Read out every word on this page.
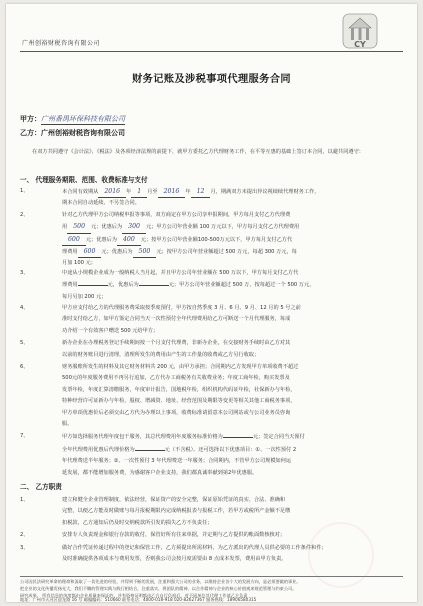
广州创裕财税咨询有限公司	CY
财务记账及涉税事项代理服务合同
甲方：广州番禺环保科技有限公司
乙方：广州创裕财税咨询有限公司
在双方共同遵守《会计法》、《税法》及各项经济法规的前提下，就甲方委托乙方代理财务工作，在平等互惠的基础上签订本合同，以避共同遵守：
一、 代理服务期限、范围、收费标准与支付
1、	本合同有效期从 2016 年 1 月至 2016 年 12 月，期满双方未提出异议视续续代理财务工作，
期本合同自动延续、不另签合同。
2、	针对乙方代理甲方公司纳税申报等事项，双方商定在甲方公司享申报期间，甲方每月支付乙方代理费
用 500 元；优惠后为 300 元；甲方公司年营业额 100 万元以下，甲方每月支付乙方代理费用
600 元；优惠后为 400 元；按甲方公司年营业额100-500万元以下，甲方每月支付乙方代
理费用 600 元；优惠后为 500 元；按甲方公司年营业额超过 500 万元，每超 300 万元，每
月加 100 元；
3、	中途从小规模企业成为一般纳税人当月起，并且甲方公司年营业额在 500 万以下，甲方每月支付乙方代
理费用	元，优惠后为	元；甲方公司年营业额超过 500 万，按每超过一个 500 万元，
每月另加 200 元；
4、	甲方应支付给乙方的代理服务费采取按季度预付，甲方按自然季度 3 月、6 月、9 月、12 月的 5 号之前
准时支付给乙方，如甲方鉴定合同当天一次性预付全年代理费用给乙方可断送一个月代理服务，每成
功介绍一个有效客户赠送 500 元给甲方；
5、	新办企业在办理税务登记手续期间按一个月支付代理费，非新办企业，在交接财务手续时由乙方对其
以前的财务账目进行清理，清理所发生的费用由产生的工作量的收费或乙方另行收取；
6、	财务服账所发生的材料及其它财务材料共 200 元，由甲方承担；合同期内乙方发现甲方单项收费不超过
500元的年度服务费用不再另行追加，乙方代办工商税务有关收费业务；年度工商年检，购买发票及
发票年检，年度汇算清缴服务，年度审计报告，国地税年检，组织机构代码证年检，社保新办与年检，
特种经营许可证新办与年检，股权、增减资、地址、经营范围及期限等变更等相关其他工商税务事项，
甲方单项优惠价后必须交由乙方代为办理以上事项，收费标准请留意本公司网站或与公司业务员咨询
服。
7、	甲方如选择服务代理年度包干服务，其总代理费用年度服务标准价格为	元；签定合同当天预付
全年代理费用优惠后代理价格为	元（不含税）。还可选择以下优惠项目：①、一次性预付 2
年代理费送半年服务；②、一次性预付 3 年代理费送一年服务；合同期内，不管甲方公司规模如何运
延发展，都不能增加服务费，为感谢客户企业支持，我们都真诚奉献到第2年优惠服。
二、 乙方职责
1、	建立和健全企业管理制度，依法经营，保证资产的安全完整，保证原始凭证的真实、合法、准确和
完整，以便乙方能及时做账与每月报税期限内完成纳税报表与报税工作，若甲方或税所产金额不足缴
扣税款，乙方通知后仍及时交纳税款所引发的损失乙方不负责任；
2、	安排专人负责现金和银行存款的收付，保管好所有往来单据，并定期与乙方提供的帐面数核核对；
3、	做好合作凭证传递过程中的登记和保管工作，乙方须提出所需材料，为乙方派出的代理人员供必要的工作条件和件；
及时准确提供各项成本与费用发票，否则我公司会按月度需要由 8 点成本发票，费用由甲方负责。
公司因民法研究革命的理命和汲取了一切先进的经验，并得到不断的发展，注重和强大公司的业务，以维持企业各个大的发展方向，是必须要做的事业。
把企业的文化传播发扬光大，我们不懈的管理实践与践行相结合，注重落实，将团队的精神、以合作精神与企业的核心价值观来规范管理与约束公司。
研究成果。 所有信息的纯度都由企业质量来保证的，并有资格证明都由乙方自行负担后，对不同单位其代理工作请乙方负责
地址：广州市天河区迎龙路 16 号 邮编编码：510660 联系电话：4000-018-918 020-82627367 服务热线：18906580315
